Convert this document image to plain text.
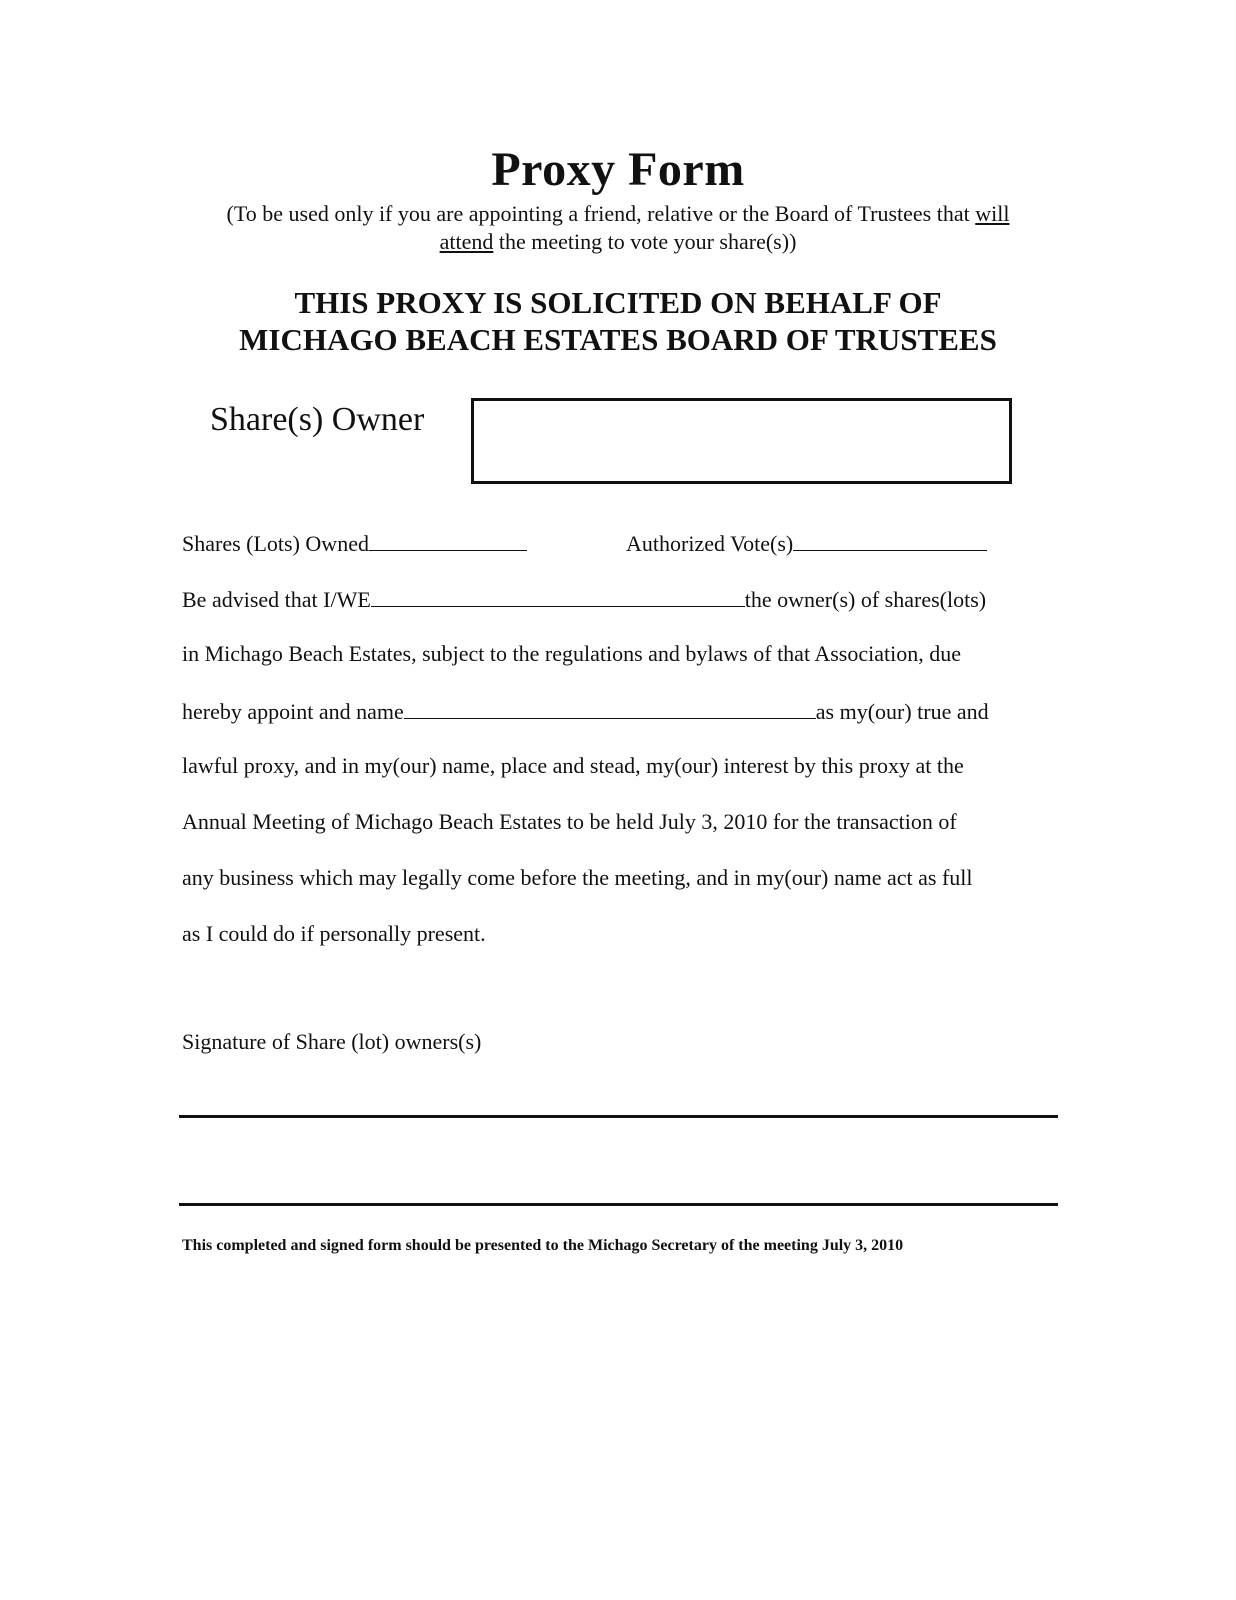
Proxy Form
(To be used only if you are appointing a friend, relative or the Board of Trustees that will
attend the meeting to vote your share(s))
THIS PROXY IS SOLICITED ON BEHALF OF
MICHAGO BEACH ESTATES BOARD OF TRUSTEES
Share(s) Owner
Shares (Lots) Owned	Authorized Vote(s)
Be advised that I/WE	the owner(s) of shares(lots)
in Michago Beach Estates, subject to the regulations and bylaws of that Association, due
hereby appoint and name	as my(our) true and
lawful proxy, and in my(our) name, place and stead, my(our) interest by this proxy at the
Annual Meeting of Michago Beach Estates to be held July 3, 2010 for the transaction of
any business which may legally come before the meeting, and in my(our) name act as full
as I could do if personally present.
Signature of Share (lot) owners(s)
This completed and signed form should be presented to the Michago Secretary of the meeting July 3, 2010
